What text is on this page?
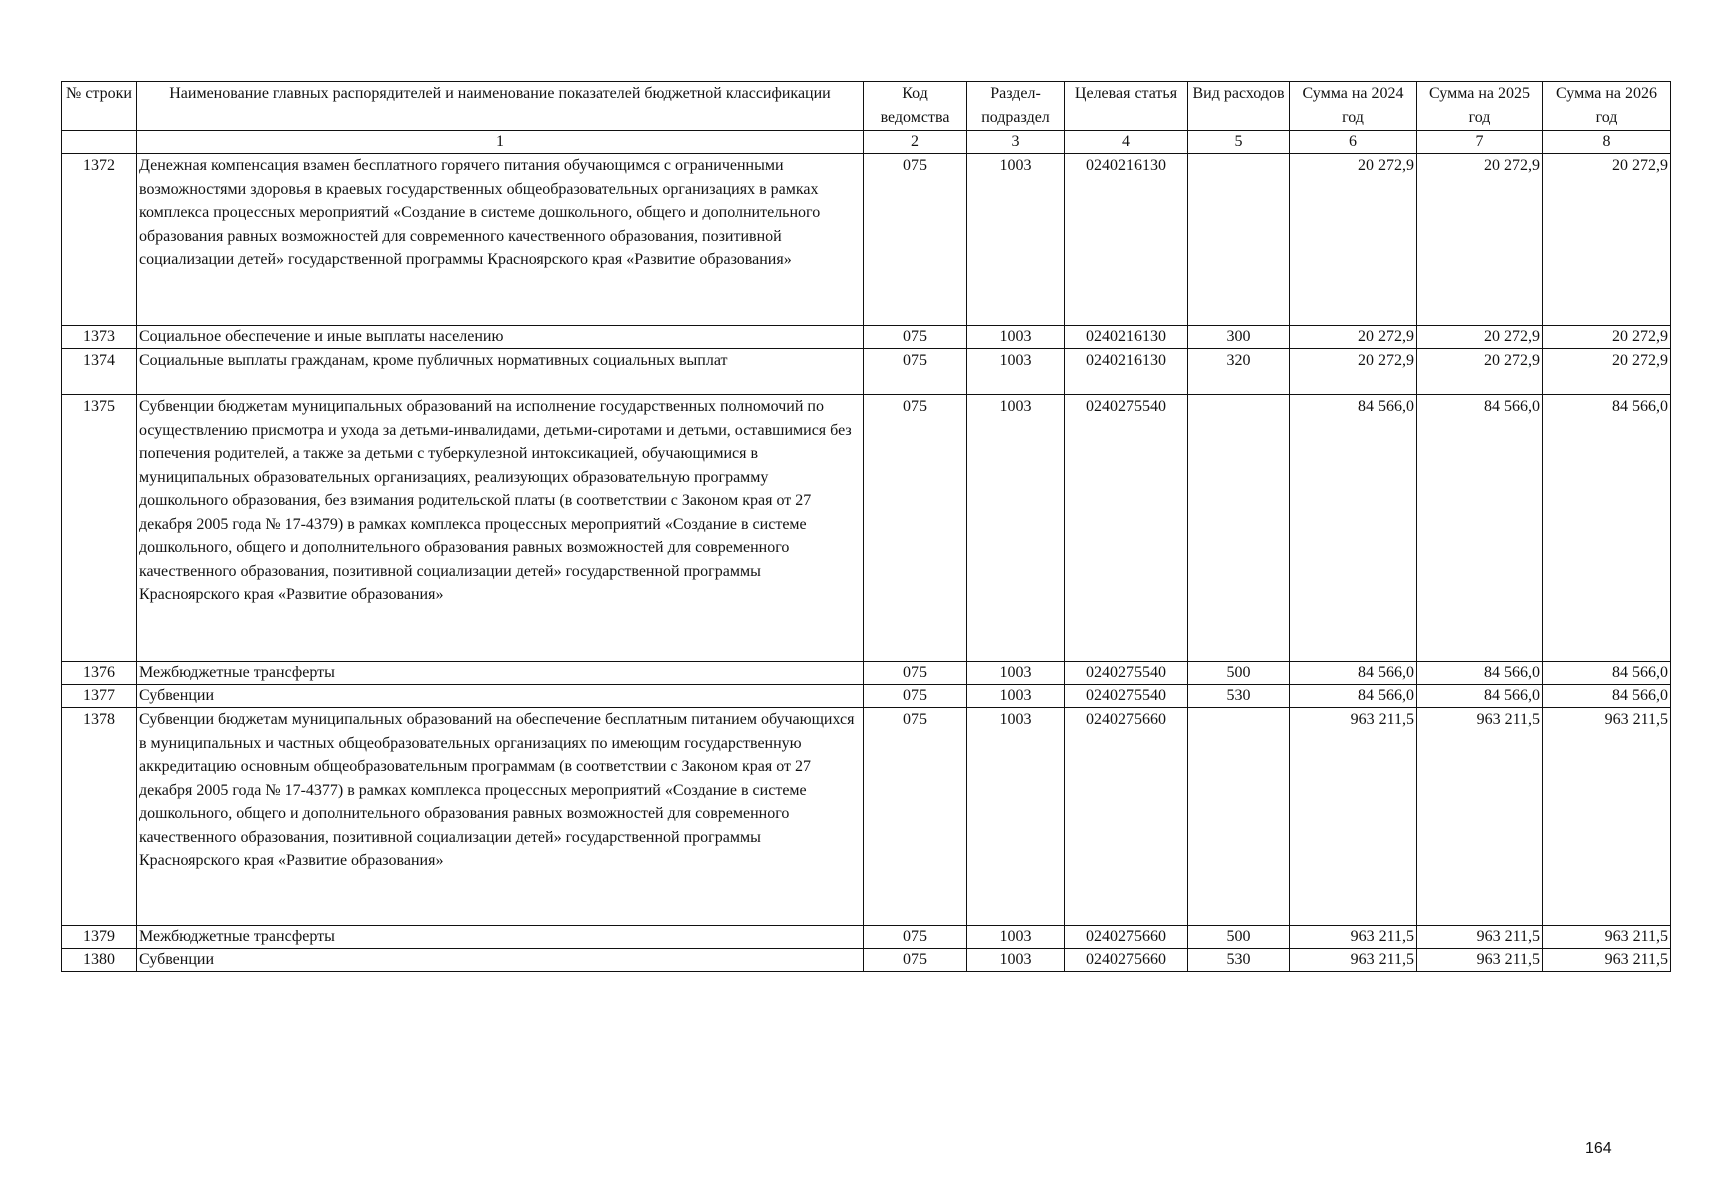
№ строки	Наименование главных распорядителей и наименование показателей бюджетной классификации	Код ведомства	Раздел-подраздел	Целевая статья	Вид расходов	Сумма на 2024 год	Сумма на 2025 год	Сумма на 2026 год
	1	2	3	4	5	6	7	8
1372	Денежная компенсация взамен бесплатного горячего питания обучающимся с ограниченными возможностями здоровья в краевых государственных общеобразовательных организациях в рамках комплекса процессных мероприятий «Создание в системе дошкольного, общего и дополнительного образования равных возможностей для современного качественного образования, позитивной социализации детей» государственной программы Красноярского края «Развитие образования»	075	1003	0240216130		20 272,9	20 272,9	20 272,9
1373	Социальное обеспечение и иные выплаты населению	075	1003	0240216130	300	20 272,9	20 272,9	20 272,9
1374	Социальные выплаты гражданам, кроме публичных нормативных социальных выплат	075	1003	0240216130	320	20 272,9	20 272,9	20 272,9
1375	Субвенции бюджетам муниципальных образований на исполнение государственных полномочий по осуществлению присмотра и ухода за детьми-инвалидами, детьми-сиротами и детьми, оставшимися без попечения родителей, а также за детьми с туберкулезной интоксикацией, обучающимися в муниципальных образовательных организациях, реализующих образовательную программу дошкольного образования, без взимания родительской платы (в соответствии с Законом края от 27 декабря 2005 года № 17-4379) в рамках комплекса процессных мероприятий «Создание в системе дошкольного, общего и дополнительного образования равных возможностей для современного качественного образования, позитивной социализации детей» государственной программы Красноярского края «Развитие образования»	075	1003	0240275540		84 566,0	84 566,0	84 566,0
1376	Межбюджетные трансферты	075	1003	0240275540	500	84 566,0	84 566,0	84 566,0
1377	Субвенции	075	1003	0240275540	530	84 566,0	84 566,0	84 566,0
1378	Субвенции бюджетам муниципальных образований на обеспечение бесплатным питанием обучающихся в муниципальных и частных общеобразовательных организациях по имеющим государственную аккредитацию основным общеобразовательным программам (в соответствии с Законом края от 27 декабря 2005 года № 17-4377) в рамках комплекса процессных мероприятий «Создание в системе дошкольного, общего и дополнительного образования равных возможностей для современного качественного образования, позитивной социализации детей» государственной программы Красноярского края «Развитие образования»	075	1003	0240275660		963 211,5	963 211,5	963 211,5
1379	Межбюджетные трансферты	075	1003	0240275660	500	963 211,5	963 211,5	963 211,5
1380	Субвенции	075	1003	0240275660	530	963 211,5	963 211,5	963 211,5
164
